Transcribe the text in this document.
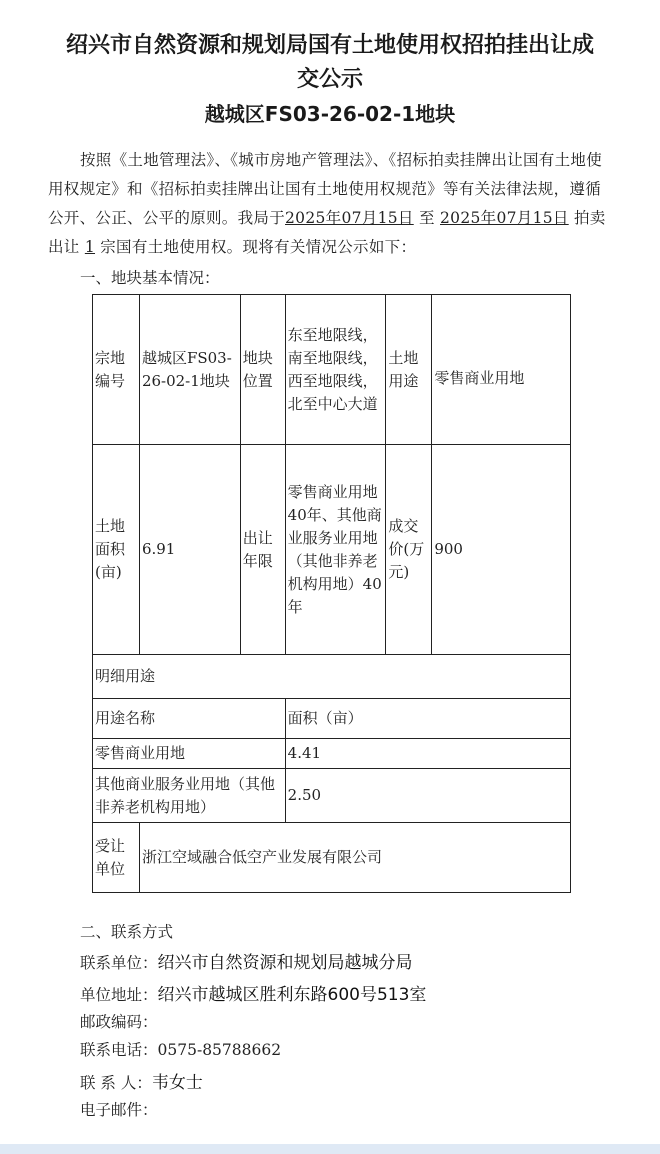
绍兴市自然资源和规划局国有土地使用权招拍挂出让成
交公示
越城区FS03-26-02-1地块

按照《土地管理法》、《城市房地产管理法》、《招标拍卖挂牌出让国有土地使用权规定》和《招标拍卖挂牌出让国有土地使用权规范》等有关法律法规，遵循公开、公正、公平的原则。我局于2025年07月15日 至 2025年07月15日 拍卖出让 1 宗国有土地使用权。现将有关情况公示如下：

一、地块基本情况：
宗地编号	越城区FS03-26-02-1地块	地块位置	东至地限线，南至地限线，西至地限线，北至中心大道	土地用途	零售商业用地
土地面积(亩)	6.91	出让年限	零售商业用地40年、其他商业服务业用地（其他非养老机构用地）40年	成交价(万元)	900
明细用途					
用途名称			面积（亩）		
零售商业用地			4.41		
其他商业服务业用地（其他非养老机构用地）			2.50		
受让单位	浙江空域融合低空产业发展有限公司				
二、联系方式
联系单位：绍兴市自然资源和规划局越城分局
单位地址：绍兴市越城区胜利东路600号513室
邮政编码：
联系电话：0575-85788662
联 系 人：韦女士
电子邮件：
